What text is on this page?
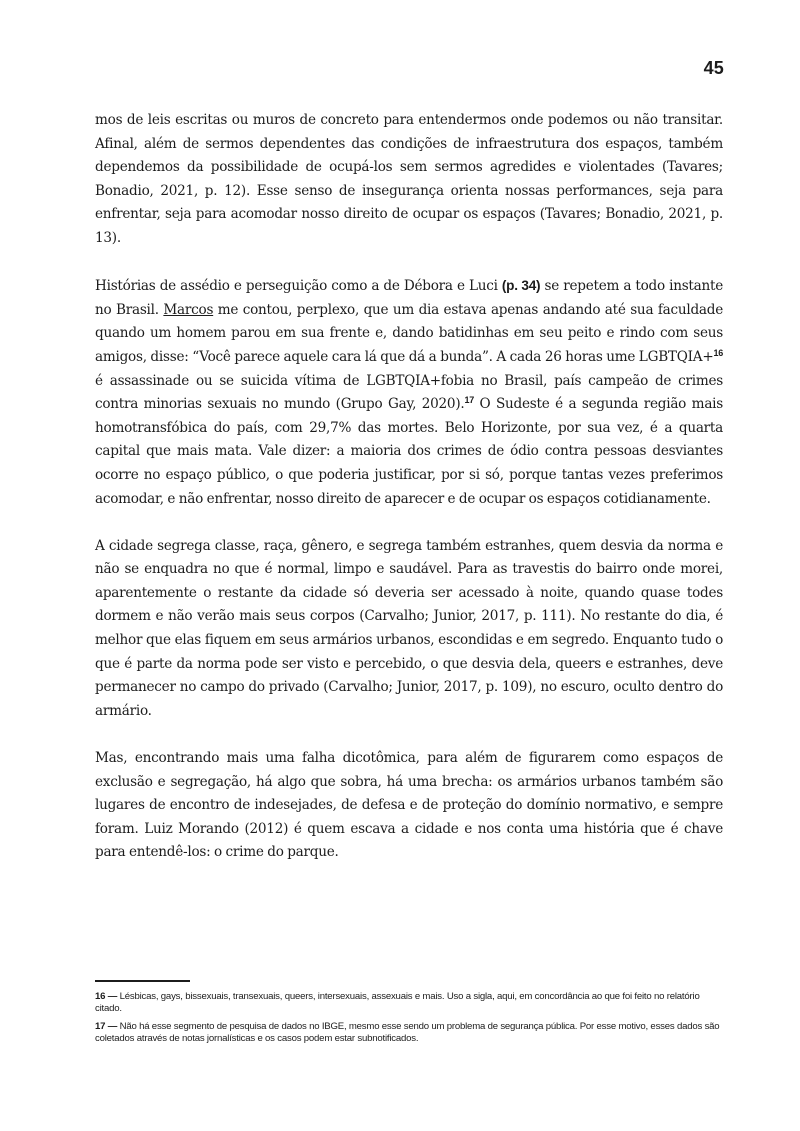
45

mos de leis escritas ou muros de concreto para entendermos onde podemos ou não transitar. Afinal, além de sermos dependentes das condições de infraestrutura dos espaços, também dependemos da possibilidade de ocupá-los sem sermos agredides e violentades (Tavares; Bonadio, 2021, p. 12). Esse senso de insegurança orienta nossas performances, seja para enfrentar, seja para acomodar nosso direito de ocupar os espaços (Tavares; Bonadio, 2021, p. 13).

Histórias de assédio e perseguição como a de Débora e Luci (p. 34) se repetem a todo instante no Brasil. Marcos me contou, perplexo, que um dia estava apenas andando até sua faculdade quando um homem parou em sua frente e, dando batidinhas em seu peito e rindo com seus amigos, disse: “Você parece aquele cara lá que dá a bunda”. A cada 26 horas ume LGBTQIA+$^{16}$ é assassinade ou se suicida vítima de LGBTQIA+fobia no Brasil, país campeão de crimes contra minorias sexuais no mundo (Grupo Gay, 2020).$^{17}$ O Sudeste é a segunda região mais homotransfóbica do país, com 29,7% das mortes. Belo Horizonte, por sua vez, é a quarta capital que mais mata. Vale dizer: a maioria dos crimes de ódio contra pessoas desviantes ocorre no espaço público, o que poderia justificar, por si só, porque tantas vezes preferimos acomodar, e não enfrentar, nosso direito de aparecer e de ocupar os espaços cotidianamente.

A cidade segrega classe, raça, gênero, e segrega também estranhes, quem desvia da norma e não se enquadra no que é normal, limpo e saudável. Para as travestis do bairro onde morei, aparentemente o restante da cidade só deveria ser acessado à noite, quando quase todes dormem e não verão mais seus corpos (Carvalho; Junior, 2017, p. 111). No restante do dia, é melhor que elas fiquem em seus armários urbanos, escondidas e em segredo. Enquanto tudo o que é parte da norma pode ser visto e percebido, o que desvia dela, queers e estranhes, deve permanecer no campo do privado (Carvalho; Junior, 2017, p. 109), no escuro, oculto dentro do armário.

Mas, encontrando mais uma falha dicotômica, para além de figurarem como espaços de exclusão e segregação, há algo que sobra, há uma brecha: os armários urbanos também são lugares de encontro de indesejades, de defesa e de proteção do domínio normativo, e sempre foram. Luiz Morando (2012) é quem escava a cidade e nos conta uma história que é chave para entendê-los: o crime do parque.

16 — Lésbicas, gays, bissexuais, transexuais, queers, intersexuais, assexuais e mais. Uso a sigla, aqui, em concordância ao que foi feito no relatório citado.

17 — Não há esse segmento de pesquisa de dados no IBGE, mesmo esse sendo um problema de segurança pública. Por esse motivo, esses dados são coletados através de notas jornalísticas e os casos podem estar subnotificados.
